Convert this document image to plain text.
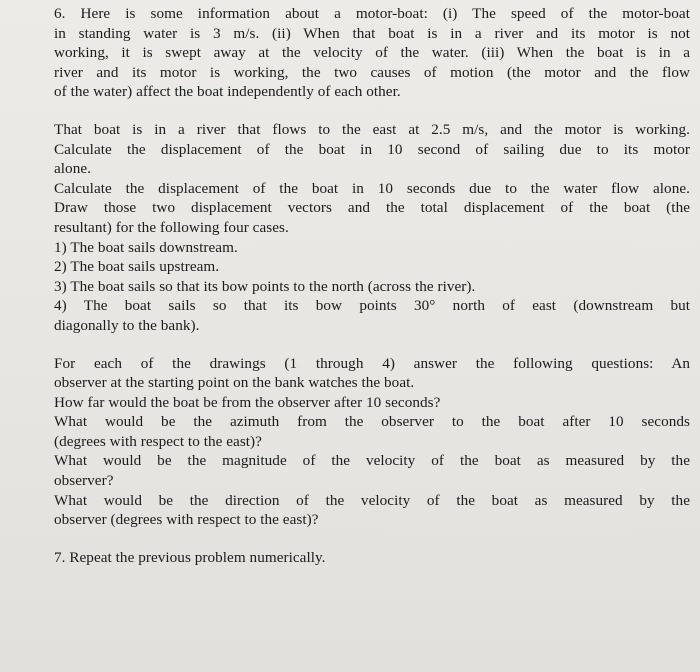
6. Here is some information about a motor-boat: (i) The speed of the motor-boat
in standing water is 3 m/s. (ii) When that boat is in a river and its motor is not
working, it is swept away at the velocity of the water. (iii) When the boat is in a
river and its motor is working, the two causes of motion (the motor and the flow
of the water) affect the boat independently of each other.

That boat is in a river that flows to the east at 2.5 m/s, and the motor is working.
Calculate the displacement of the boat in 10 second of sailing due to its motor
alone.
Calculate the displacement of the boat in 10 seconds due to the water flow alone.
Draw those two displacement vectors and the total displacement of the boat (the
resultant) for the following four cases.

1) The boat sails downstream.
2) The boat sails upstream.
3) The boat sails so that its bow points to the north (across the river).
4) The boat sails so that its bow points 30° north of east (downstream but
diagonally to the bank).

For each of the drawings (1 through 4) answer the following questions: An
observer at the starting point on the bank watches the boat.
How far would the boat be from the observer after 10 seconds?
What would be the azimuth from the observer to the boat after 10 seconds
(degrees with respect to the east)?
What would be the magnitude of the velocity of the boat as measured by the
observer?
What would be the direction of the velocity of the boat as measured by the
observer (degrees with respect to the east)?

7. Repeat the previous problem numerically.
